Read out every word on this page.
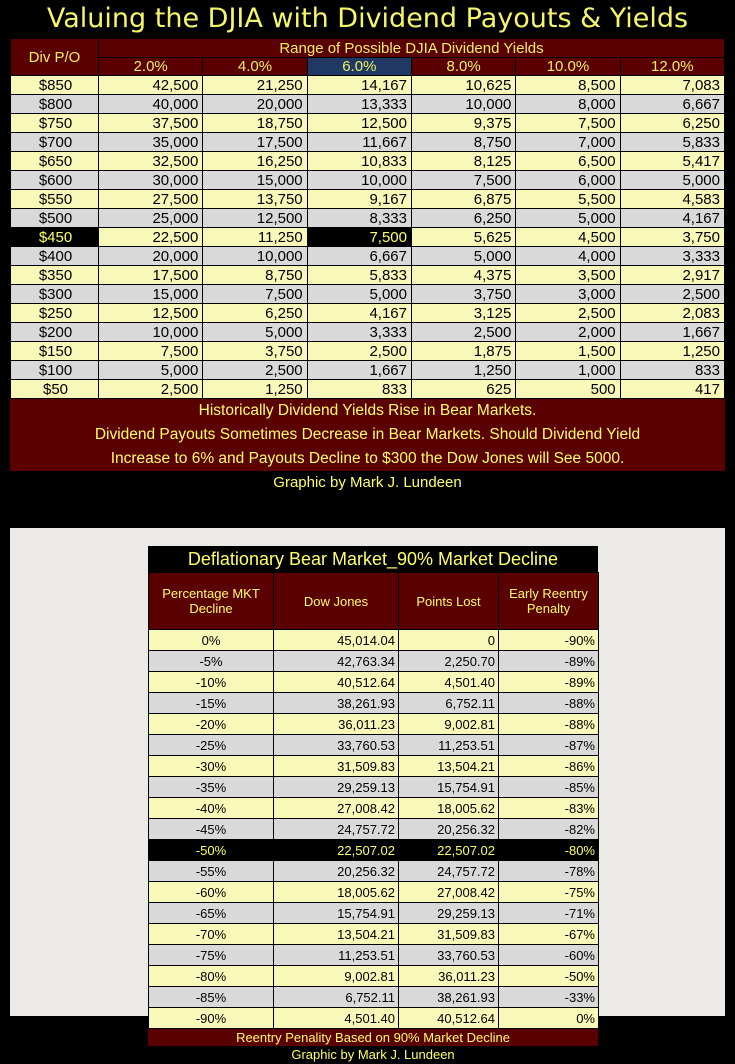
Valuing the DJIA with Dividend Payouts & Yields
Div P/O	Range of Possible DJIA Dividend Yields					
	2.0%	4.0%	6.0%	8.0%	10.0%	12.0%
$850	42,500	21,250	14,167	10,625	8,500	7,083
$800	40,000	20,000	13,333	10,000	8,000	6,667
$750	37,500	18,750	12,500	9,375	7,500	6,250
$700	35,000	17,500	11,667	8,750	7,000	5,833
$650	32,500	16,250	10,833	8,125	6,500	5,417
$600	30,000	15,000	10,000	7,500	6,000	5,000
$550	27,500	13,750	9,167	6,875	5,500	4,583
$500	25,000	12,500	8,333	6,250	5,000	4,167
$450	22,500	11,250	7,500	5,625	4,500	3,750
$400	20,000	10,000	6,667	5,000	4,000	3,333
$350	17,500	8,750	5,833	4,375	3,500	2,917
$300	15,000	7,500	5,000	3,750	3,000	2,500
$250	12,500	6,250	4,167	3,125	2,500	2,083
$200	10,000	5,000	3,333	2,500	2,000	1,667
$150	7,500	3,750	2,500	1,875	1,500	1,250
$100	5,000	2,500	1,667	1,250	1,000	833
$50	2,500	1,250	833	625	500	417
Historically Dividend Yields Rise in Bear Markets.
Dividend Payouts Sometimes Decrease in Bear Markets. Should Dividend Yield
Increase to 6% and Payouts Decline to $300 the Dow Jones will See 5000.
Graphic by Mark J. Lundeen
Deflationary Bear Market_90% Market Decline
Percentage MKT Decline	Dow Jones	Points Lost	Early Reentry Penalty
0%	45,014.04	0	-90%
-5%	42,763.34	2,250.70	-89%
-10%	40,512.64	4,501.40	-89%
-15%	38,261.93	6,752.11	-88%
-20%	36,011.23	9,002.81	-88%
-25%	33,760.53	11,253.51	-87%
-30%	31,509.83	13,504.21	-86%
-35%	29,259.13	15,754.91	-85%
-40%	27,008.42	18,005.62	-83%
-45%	24,757.72	20,256.32	-82%
-50%	22,507.02	22,507.02	-80%
-55%	20,256.32	24,757.72	-78%
-60%	18,005.62	27,008.42	-75%
-65%	15,754.91	29,259.13	-71%
-70%	13,504.21	31,509.83	-67%
-75%	11,253.51	33,760.53	-60%
-80%	9,002.81	36,011.23	-50%
-85%	6,752.11	38,261.93	-33%
-90%	4,501.40	40,512.64	0%
Reentry Penality Based on 90% Market Decline
Graphic by Mark J. Lundeen
